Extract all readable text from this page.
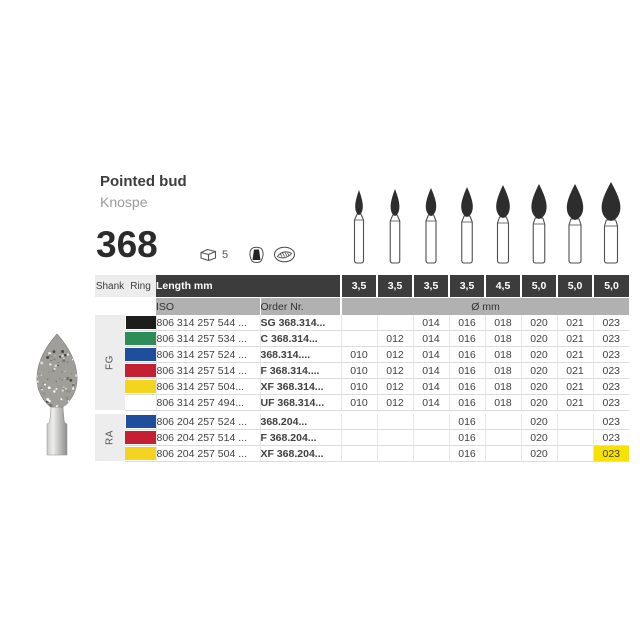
Pointed bud
Knospe
368	5
Shank	Ring	Length mm		3,5	3,5	3,5	3,5	4,5	5,0	5,0	5,0
		ISO	Order Nr.	Ø mm							

FG		806 314 257 544 ...	SG 368.314...			014	016	018	020	021	023

		806 314 257 534 ...	C 368.314...		012	014	016	018	020	021	023

		806 314 257 524 ...	368.314....	010	012	014	016	018	020	021	023

		806 314 257 514 ...	F 368.314....	010	012	014	016	018	020	021	023

		806 314 257 504...	XF 368.314...	010	012	014	016	018	020	021	023

		806 314 257 494...	UF 368.314...	010	012	014	016	018	020	021	023

RA		806 204 257 524 ...	368.204...				016		020		023

		806 204 257 514 ...	F 368.204...				016		020		023

		806 204 257 504 ...	XF 368.204...				016		020		023
